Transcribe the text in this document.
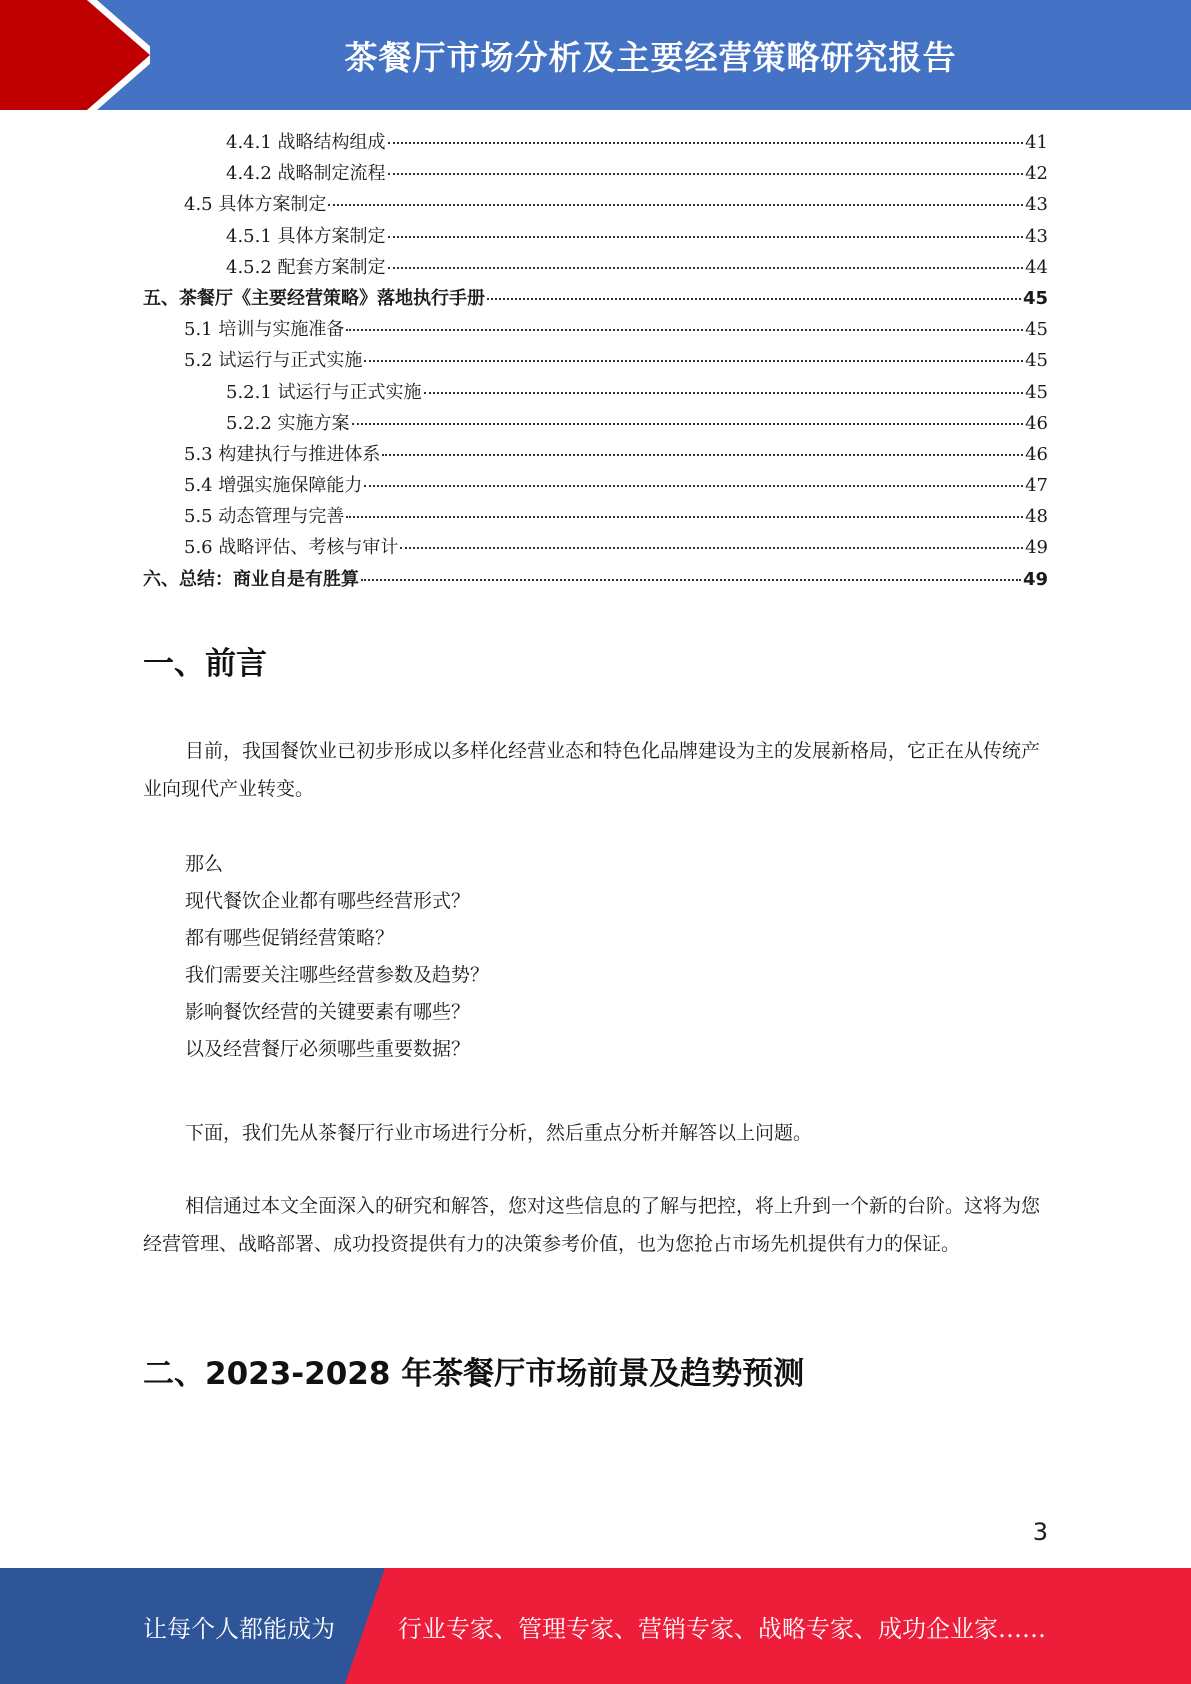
茶餐厅市场分析及主要经营策略研究报告
4.4.1 战略结构组成	41
4.4.2 战略制定流程	42
4.5 具体方案制定	43
4.5.1 具体方案制定	43
4.5.2 配套方案制定	44
五、茶餐厅《主要经营策略》落地执行手册	45
5.1 培训与实施准备	45
5.2 试运行与正式实施	45
5.2.1 试运行与正式实施	45
5.2.2 实施方案	46
5.3 构建执行与推进体系	46
5.4 增强实施保障能力	47
5.5 动态管理与完善	48
5.6 战略评估、考核与审计	49
六、总结：商业自是有胜算	49
一、前言
目前，我国餐饮业已初步形成以多样化经营业态和特色化品牌建设为主的发展新格局，它正在从传统产业向现代产业转变。
那么
现代餐饮企业都有哪些经营形式？
都有哪些促销经营策略？
我们需要关注哪些经营参数及趋势？
影响餐饮经营的关键要素有哪些？
以及经营餐厅必须哪些重要数据？
下面，我们先从茶餐厅行业市场进行分析，然后重点分析并解答以上问题。
相信通过本文全面深入的研究和解答，您对这些信息的了解与把控，将上升到一个新的台阶。这将为您经营管理、战略部署、成功投资提供有力的决策参考价值，也为您抢占市场先机提供有力的保证。
二、2023-2028 年茶餐厅市场前景及趋势预测
3
让每个人都能成为	行业专家、管理专家、营销专家、战略专家、成功企业家……
